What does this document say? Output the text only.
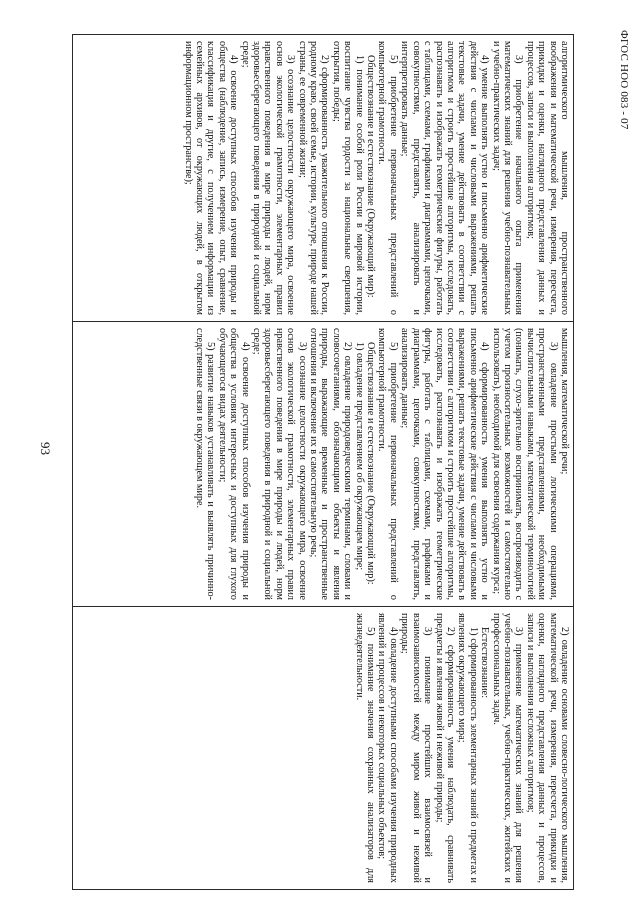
ФГОС НОО 083 - 07

алгоритмического мышления, пространственного воображения и математической речи, измерения, пересчета, прикидки и оценки, наглядного представления данных и процессов, записи и выполнения алгоритмов;

3) приобретение начального опыта применения математических знаний для решения учебно-познавательных и учебно-практических задач;

4) умение выполнять устно и письменно арифметические действия с числами и числовыми выражениями, решать текстовые задачи, умение действовать в соответствии с алгоритмом и строить простейшие алгоритмы, исследовать, распознавать и изображать геометрические фигуры, работать с таблицами, схемами, графиками и диаграммами, цепочками, совокупностями, представлять, анализировать и интерпретировать данные;

5) приобретение первоначальных представлений о компьютерной грамотности.

Обществознание и естествознание (Окружающий мир):

1) понимание особой роли России в мировой истории, воспитание чувства гордости за национальные свершения, открытия, победы;

2) сформированность уважительного отношения к России, родному краю, своей семье, истории, культуре, природе нашей страны, ее современной жизни;

3) осознание целостности окружающего мира, освоение основ экологической грамотности, элементарных правил нравственного поведения в мире природы и людей, норм здоровьесберегающего поведения в природной и социальной среде;

4) освоение доступных способов изучения природы и общества (наблюдение, запись, измерение, опыт, сравнение, классификация и другие, с получением информации из семейных архивов, от окружающих людей, в открытом информационном пространстве);

мышления, математической речи;

3) овладение простыми логическими операциями, пространственными представлениями, необходимыми вычислительными навыками, математической терминологией (понимать, слухо-зрительно воспринимать, воспроизводить с учетом произносительных возможностей и самостоятельно использовать), необходимой для освоения содержания курса;

4) сформированность умения выполнять устно и письменно арифметические действия с числами и числовыми выражениями, решать текстовые задачи, умение действовать в соответствии с алгоритмом и строить простейшие алгоритмы, исследовать, распознавать и изображать геометрические фигуры, работать с таблицами, схемами, графиками и диаграммами, цепочками, совокупностями, представлять, анализировать данные;

5) приобретение первоначальных представлений о компьютерной грамотности.

Обществознание и естествознание (Окружающий мир):

1) овладение представлением об окружающем мире;

2) овладение природоведческими терминами, словами и словосочетаниями, обозначающими объекты и явления природы, выражающие временные и пространственные отношения и включение их в самостоятельную речь;

3) осознание целостности окружающего мира, освоение основ экологической грамотности, элементарных правил нравственного поведения в мире природы и людей, норм здоровьесберегающего поведения в природной и социальной среде;

4) освоение доступных способов изучения природы и общества в условиях интересных и доступных для глухого обучающегося видах деятельности;

5) развитие навыков устанавливать и выявлять причинно-следственные связи в окружающем мире.

2) овладение основами словесно-логического мышления, математической речи, измерения, пересчета, прикидки и оценки, наглядного представления данных и процессов, записи и выполнения несложных алгоритмов;

3) применение математических знаний для решения учебно-познавательных, учебно-практических, житейских и профессиональных задач.

Естествознание:

1) сформированность элементарных знаний о предметах и явлениях окружающего мира;

2) сформированность умения наблюдать, сравнивать предметы и явления живой и неживой природы;

3) понимание простейших взаимосвязей и взаимозависимостей между миром живой и неживой природы;

4) овладение доступными способами изучения природных явлений и процессов и некоторых социальных объектов;

5) понимание значения сохранных анализаторов для жизнедеятельности.

93
